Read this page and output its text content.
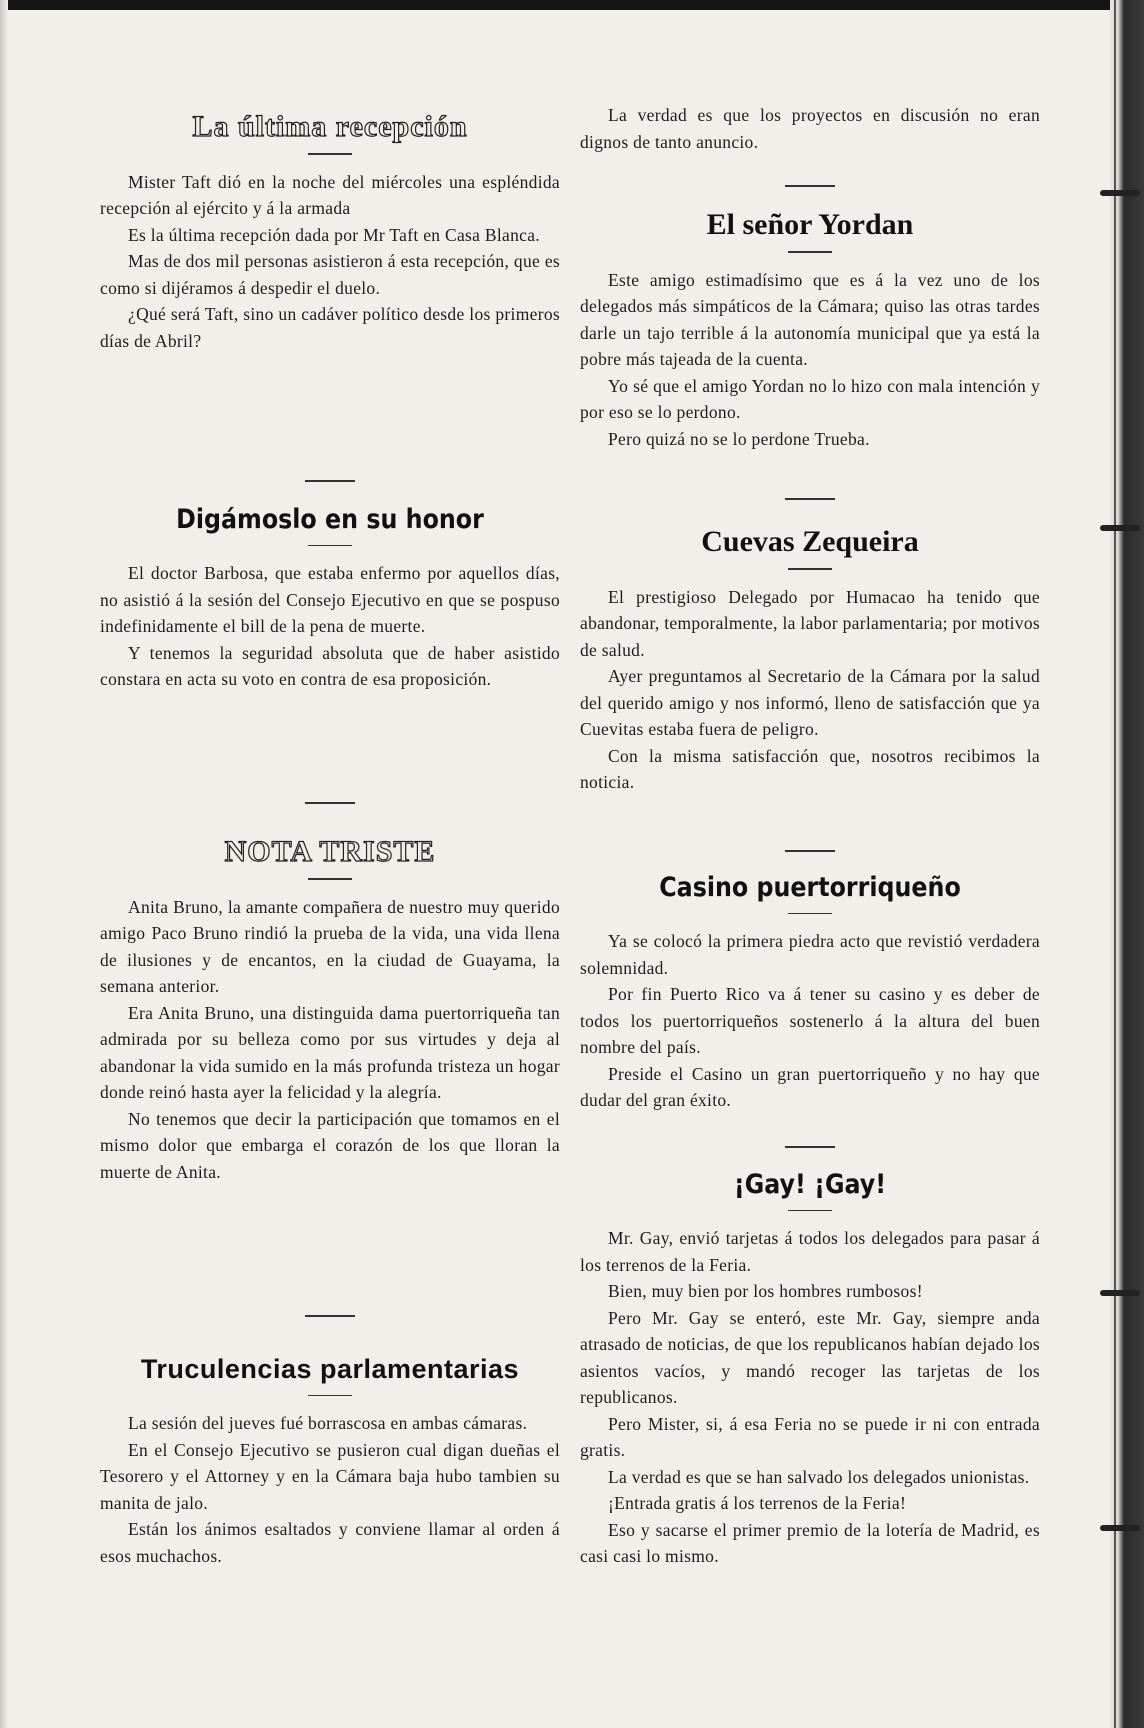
La última recepción

Mister Taft dió en la noche del miércoles una espléndida recepción al ejército y á la armada

Es la última recepción dada por Mr Taft en Casa Blanca.

Mas de dos mil personas asistieron á esta recepción, que es como si dijéramos á despedir el duelo.

¿Qué será Taft, sino un cadáver político desde los primeros días de Abril?

Digámoslo en su honor

El doctor Barbosa, que estaba enfermo por aquellos días, no asistió á la sesión del Consejo Ejecutivo en que se pospuso indefinidamente el bill de la pena de muerte.

Y tenemos la seguridad absoluta que de haber asistido constara en acta su voto en contra de esa proposición.

NOTA TRISTE

Anita Bruno, la amante compañera de nuestro muy querido amigo Paco Bruno rindió la prueba de la vida, una vida llena de ilusiones y de encantos, en la ciudad de Guayama, la semana anterior.

Era Anita Bruno, una distinguida dama puertorriqueña tan admirada por su belleza como por sus virtudes y deja al abandonar la vida sumido en la más profunda tristeza un hogar donde reinó hasta ayer la felicidad y la alegría.

No tenemos que decir la participación que tomamos en el mismo dolor que embarga el corazón de los que lloran la muerte de Anita.

Truculencias parlamentarias

La sesión del jueves fué borrascosa en ambas cámaras.

En el Consejo Ejecutivo se pusieron cual digan dueñas el Tesorero y el Attorney y en la Cámara baja hubo tambien su manita de jalo.

Están los ánimos esaltados y conviene llamar al orden á esos muchachos.

La verdad es que los proyectos en discusión no eran dignos de tanto anuncio.

El señor Yordan

Este amigo estimadísimo que es á la vez uno de los delegados más simpáticos de la Cámara; quiso las otras tardes darle un tajo terrible á la autonomía municipal que ya está la pobre más tajeada de la cuenta.

Yo sé que el amigo Yordan no lo hizo con mala intención y por eso se lo perdono.

Pero quizá no se lo perdone Trueba.

Cuevas Zequeira

El prestigioso Delegado por Humacao ha tenido que abandonar, temporalmente, la labor parlamentaria; por motivos de salud.

Ayer preguntamos al Secretario de la Cámara por la salud del querido amigo y nos informó, lleno de satisfacción que ya Cuevitas estaba fuera de peligro.

Con la misma satisfacción que, nosotros recibimos la noticia.

Casino puertorriqueño

Ya se colocó la primera piedra acto que revistió verdadera solemnidad.

Por fin Puerto Rico va á tener su casino y es deber de todos los puertorriqueños sostenerlo á la altura del buen nombre del país.

Preside el Casino un gran puertorriqueño y no hay que dudar del gran éxito.

¡Gay! ¡Gay!

Mr. Gay, envió tarjetas á todos los delegados para pasar á los terrenos de la Feria.

Bien, muy bien por los hombres rumbosos!

Pero Mr. Gay se enteró, este Mr. Gay, siempre anda atrasado de noticias, de que los republicanos habían dejado los asientos vacíos, y mandó recoger las tarjetas de los republicanos.

Pero Mister, si, á esa Feria no se puede ir ni con entrada gratis.

La verdad es que se han salvado los delegados unionistas.

¡Entrada gratis á los terrenos de la Feria!

Eso y sacarse el primer premio de la lotería de Madrid, es casi casi lo mismo.
